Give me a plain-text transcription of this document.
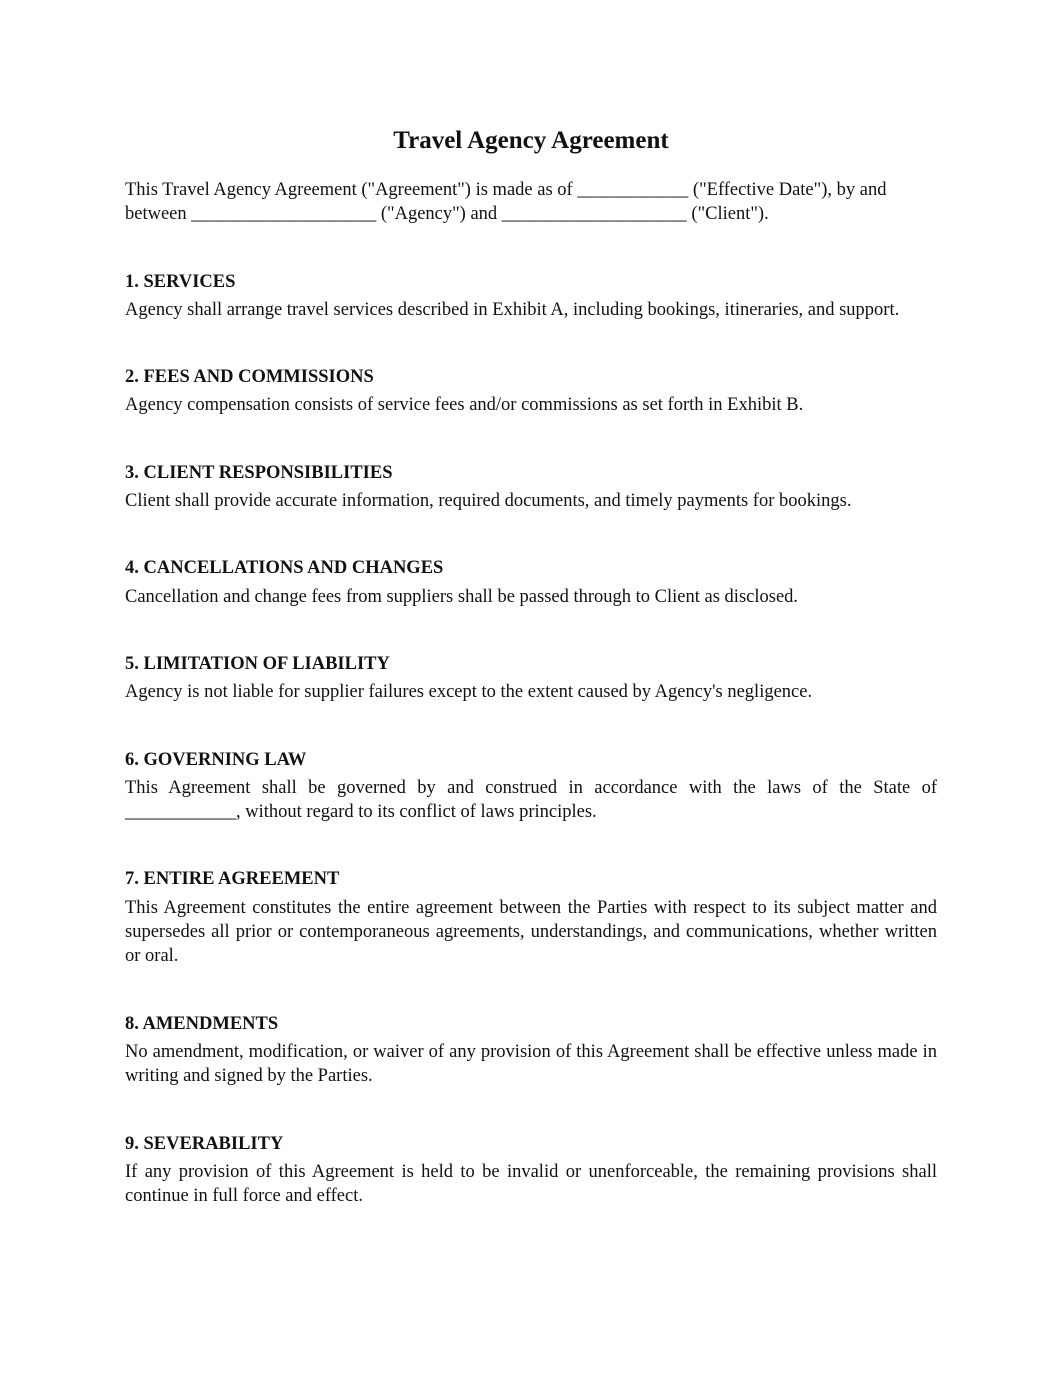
Travel Agency Agreement

This Travel Agency Agreement ("Agreement") is made as of ____________ ("Effective Date"), by and between ____________________ ("Agency") and ____________________ ("Client").

1. SERVICES

Agency shall arrange travel services described in Exhibit A, including bookings, itineraries, and support.

2. FEES AND COMMISSIONS

Agency compensation consists of service fees and/or commissions as set forth in Exhibit B.

3. CLIENT RESPONSIBILITIES

Client shall provide accurate information, required documents, and timely payments for bookings.

4. CANCELLATIONS AND CHANGES

Cancellation and change fees from suppliers shall be passed through to Client as disclosed.

5. LIMITATION OF LIABILITY

Agency is not liable for supplier failures except to the extent caused by Agency's negligence.

6. GOVERNING LAW

This Agreement shall be governed by and construed in accordance with the laws of the State of ____________, without regard to its conflict of laws principles.

7. ENTIRE AGREEMENT

This Agreement constitutes the entire agreement between the Parties with respect to its subject matter and supersedes all prior or contemporaneous agreements, understandings, and communications, whether written or oral.

8. AMENDMENTS

No amendment, modification, or waiver of any provision of this Agreement shall be effective unless made in writing and signed by the Parties.

9. SEVERABILITY

If any provision of this Agreement is held to be invalid or unenforceable, the remaining provisions shall continue in full force and effect.
